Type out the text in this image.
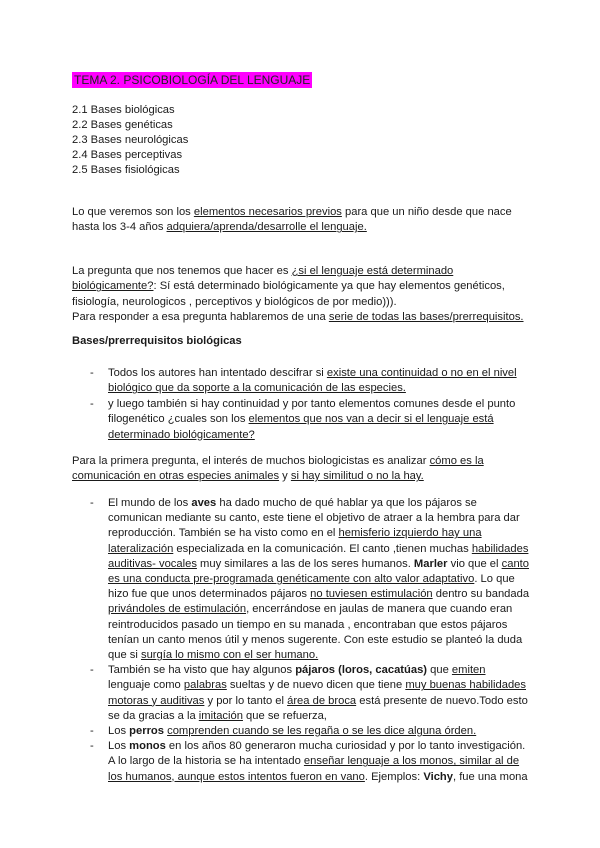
TEMA 2. PSICOBIOLOGÍA DEL LENGUAJE
2.1 Bases biológicas
2.2 Bases genéticas
2.3 Bases neurológicas
2.4 Bases perceptivas
2.5 Bases fisiológicas

Lo que veremos son los elementos necesarios previos para que un niño desde que nace hasta los 3-4 años adquiera/aprenda/desarrolle el lenguaje.

La pregunta que nos tenemos que hacer es ¿si el lenguaje está determinado biológicamente?: Sí está determinado biológicamente ya que hay elementos genéticos, fisiología, neurologicos , perceptivos y biológicos de por medio))).
Para responder a esa pregunta hablaremos de una serie de todas las bases/prerrequisitos.

Bases/prerrequisitos biológicas
- Todos los autores han intentado descifrar si existe una continuidad o no en el nivel biológico que da soporte a la comunicación de las especies.
- y luego también si hay continuidad y por tanto elementos comunes desde el punto filogenético ¿cuales son los elementos que nos van a decir si el lenguaje está determinado biológicamente?

Para la primera pregunta, el interés de muchos biologicistas es analizar cómo es la comunicación en otras especies animales y si hay similitud o no la hay.

- El mundo de los aves ha dado mucho de qué hablar ya que los pájaros se comunican mediante su canto, este tiene el objetivo de atraer a la hembra para dar reproducción. También se ha visto como en el hemisferio izquierdo hay una lateralización especializada en la comunicación. El canto ,tienen muchas habilidades auditivas- vocales muy similares a las de los seres humanos. Marler vio que el canto es una conducta pre-programada genéticamente con alto valor adaptativo. Lo que hizo fue que unos determinados pájaros no tuviesen estimulación dentro su bandada privándoles de estimulación, encerrándose en jaulas de manera que cuando eran reintroducidos pasado un tiempo en su manada , encontraban que estos pájaros tenían un canto menos útil y menos sugerente. Con este estudio se planteó la duda que si surgía lo mismo con el ser humano.
- También se ha visto que hay algunos pájaros (loros, cacatúas) que emiten lenguaje como palabras sueltas y de nuevo dicen que tiene muy buenas habilidades motoras y auditivas y por lo tanto el área de broca está presente de nuevo.Todo esto se da gracias a la imitación que se refuerza,
- Los perros comprenden cuando se les regaña o se les dice alguna órden.
- Los monos en los años 80 generaron mucha curiosidad y por lo tanto investigación. A lo largo de la historia se ha intentado enseñar lenguaje a los monos, similar al de los humanos, aunque estos intentos fueron en vano. Ejemplos: Vichy, fue una mona
